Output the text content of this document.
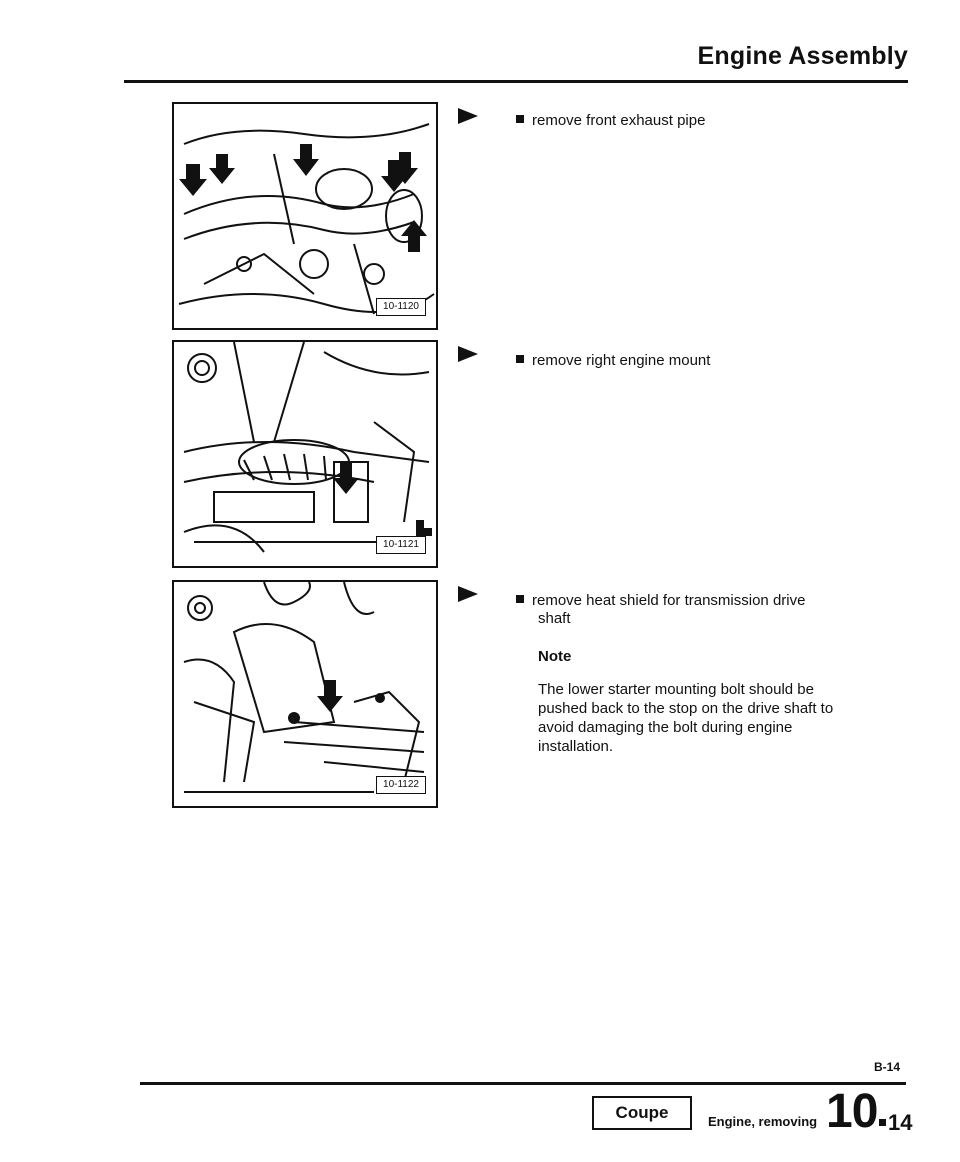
Engine Assembly
10-1120
remove front exhaust pipe
10-1121
remove right engine mount
10-1122
remove heat shield for transmission drive
shaft
Note
The lower starter mounting bolt should be pushed back to the stop on the drive shaft to avoid damaging the bolt during engine installation.
B-14
Coupe	Engine, removing 10 14
